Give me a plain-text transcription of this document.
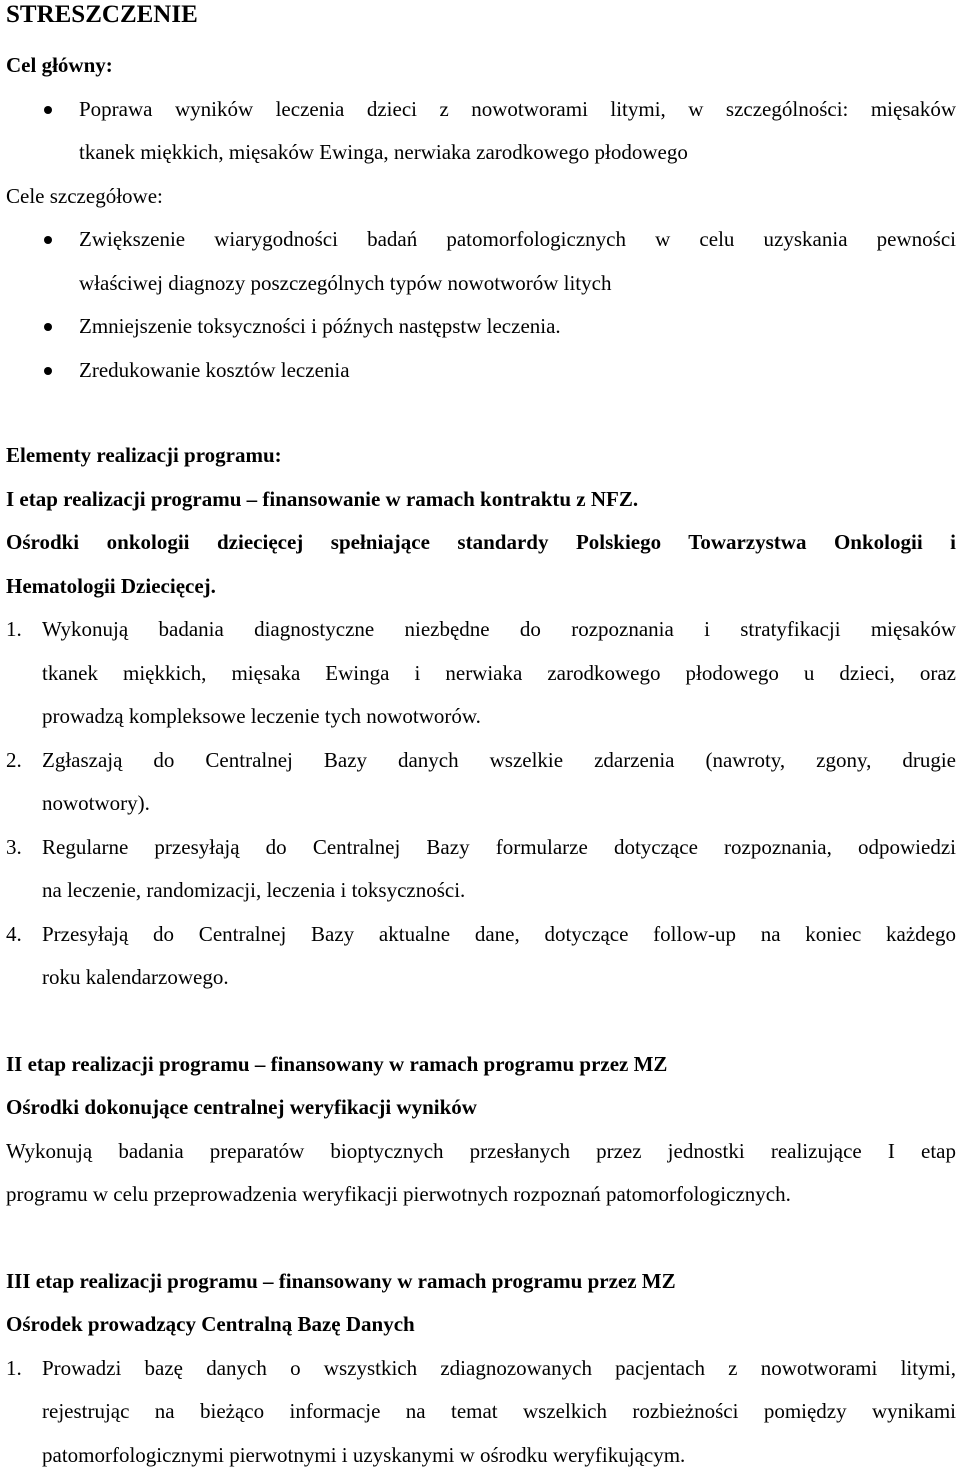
STRESZCZENIE
Cel główny:
Poprawa wyników leczenia dzieci z nowotworami litymi, w szczególności: mięsaków
tkanek miękkich, mięsaków Ewinga, nerwiaka zarodkowego płodowego
Cele szczegółowe:
Zwiększenie wiarygodności badań patomorfologicznych w celu uzyskania pewności
właściwej diagnozy poszczególnych typów nowotworów litych
Zmniejszenie toksyczności i późnych następstw leczenia.
Zredukowanie kosztów leczenia
Elementy realizacji programu:
I etap realizacji programu – finansowanie w ramach kontraktu z NFZ.
Ośrodki onkologii dziecięcej spełniające standardy Polskiego Towarzystwa Onkologii i
Hematologii Dziecięcej.
1. Wykonują badania diagnostyczne niezbędne do rozpoznania i stratyfikacji mięsaków
tkanek miękkich, mięsaka Ewinga i nerwiaka zarodkowego płodowego u dzieci, oraz
prowadzą kompleksowe leczenie tych nowotworów.
2. Zgłaszają do Centralnej Bazy danych wszelkie zdarzenia (nawroty, zgony, drugie
nowotwory).
3. Regularne przesyłają do Centralnej Bazy formularze dotyczące rozpoznania, odpowiedzi
na leczenie, randomizacji, leczenia i toksyczności.
4. Przesyłają do Centralnej Bazy aktualne dane, dotyczące follow-up na koniec każdego
roku kalendarzowego.
II etap realizacji programu – finansowany w ramach programu przez MZ
Ośrodki dokonujące centralnej weryfikacji wyników
Wykonują badania preparatów bioptycznych przesłanych przez jednostki realizujące I etap
programu w celu przeprowadzenia weryfikacji pierwotnych rozpoznań patomorfologicznych.
III etap realizacji programu – finansowany w ramach programu przez MZ
Ośrodek prowadzący Centralną Bazę Danych
1. Prowadzi bazę danych o wszystkich zdiagnozowanych pacjentach z nowotworami litymi,
rejestrując na bieżąco informacje na temat wszelkich rozbieżności pomiędzy wynikami
patomorfologicznymi pierwotnymi i uzyskanymi w ośrodku weryfikującym.
